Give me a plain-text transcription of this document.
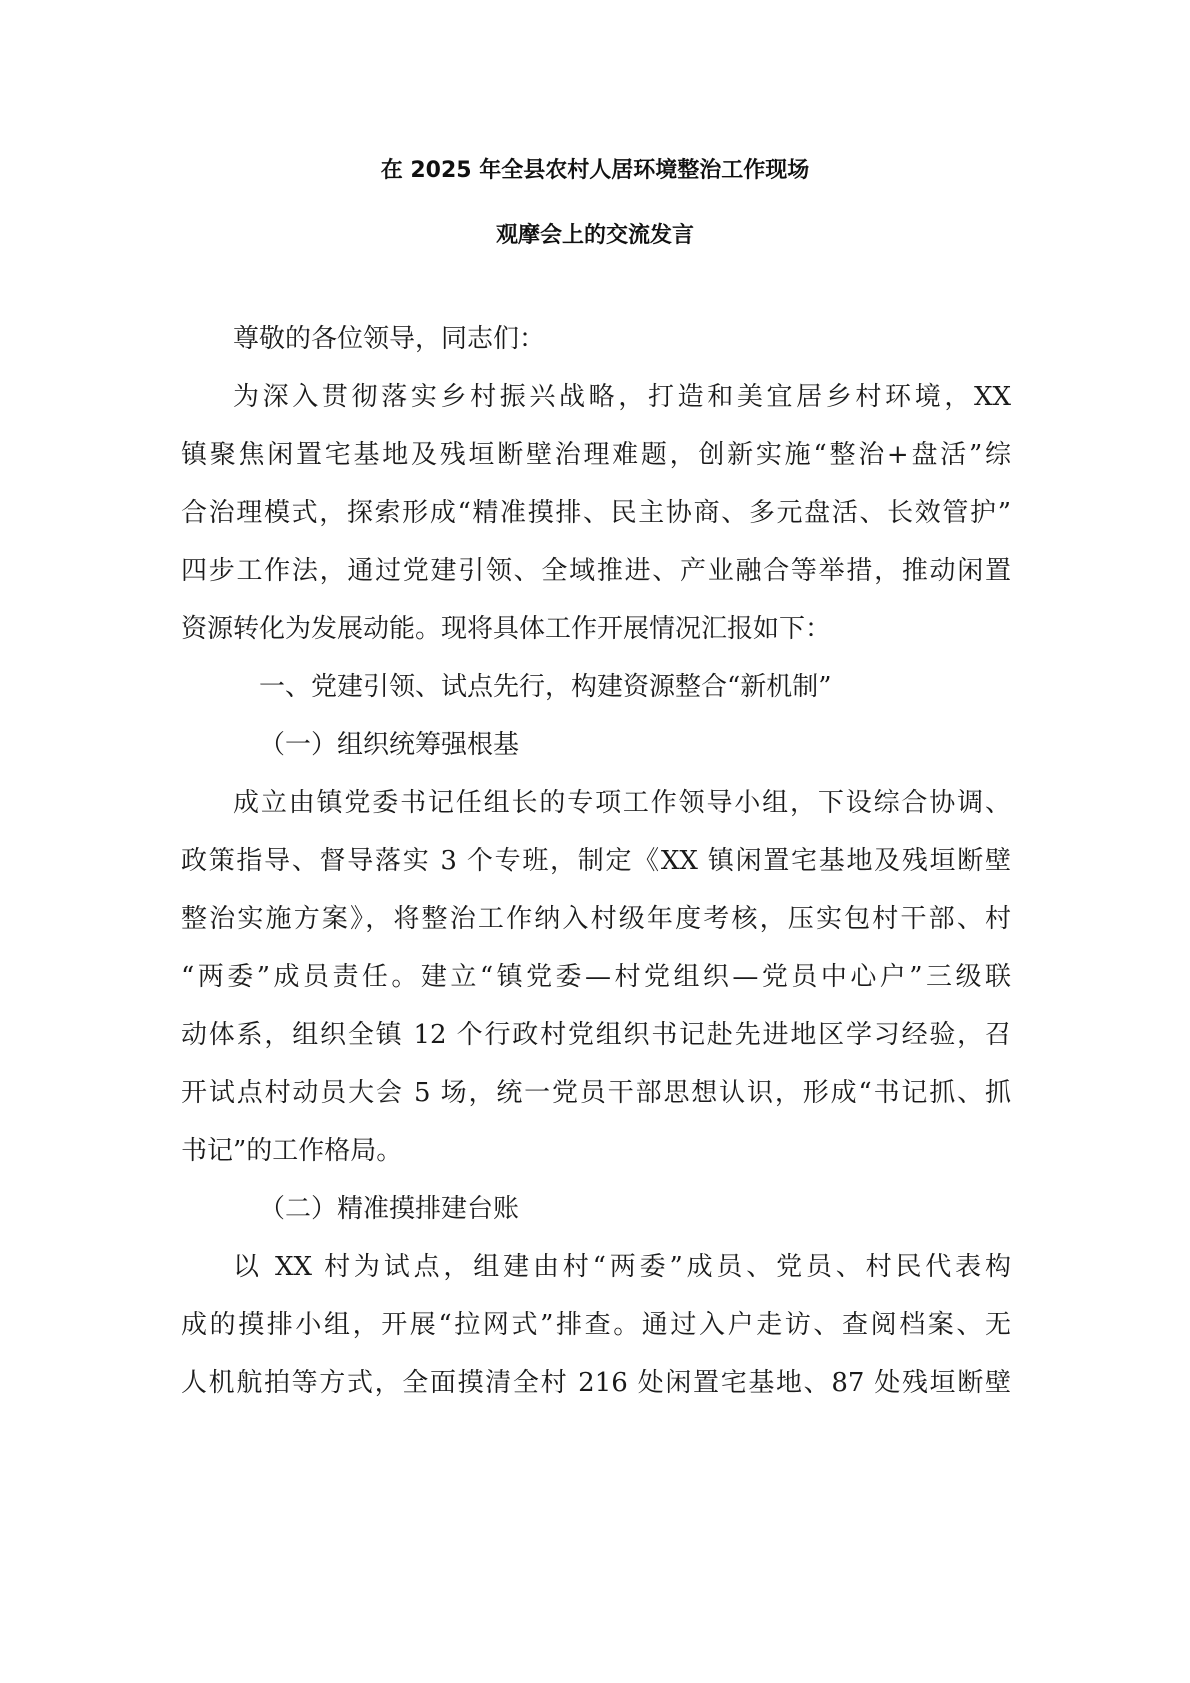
在 2025 年全县农村人居环境整治工作现场
观摩会上的交流发言
尊敬的各位领导，同志们：
为深入贯彻落实乡村振兴战略，打造和美宜居乡村环境，XX
镇聚焦闲置宅基地及残垣断壁治理难题，创新实施“整治+盘活”综
合治理模式，探索形成“精准摸排、民主协商、多元盘活、长效管护”
四步工作法，通过党建引领、全域推进、产业融合等举措，推动闲置
资源转化为发展动能。现将具体工作开展情况汇报如下：
一、党建引领、试点先行，构建资源整合“新机制”
（一）组织统筹强根基
成立由镇党委书记任组长的专项工作领导小组，下设综合协调、
政策指导、督导落实 3 个专班，制定《XX 镇闲置宅基地及残垣断壁
整治实施方案》，将整治工作纳入村级年度考核，压实包村干部、村
“两委”成员责任。建立“镇党委—村党组织—党员中心户”三级联
动体系，组织全镇 12 个行政村党组织书记赴先进地区学习经验，召
开试点村动员大会 5 场，统一党员干部思想认识，形成“书记抓、抓
书记”的工作格局。
（二）精准摸排建台账
以 XX 村为试点，组建由村“两委”成员、党员、村民代表构
成的摸排小组，开展“拉网式”排查。通过入户走访、查阅档案、无
人机航拍等方式，全面摸清全村 216 处闲置宅基地、87 处残垣断壁
